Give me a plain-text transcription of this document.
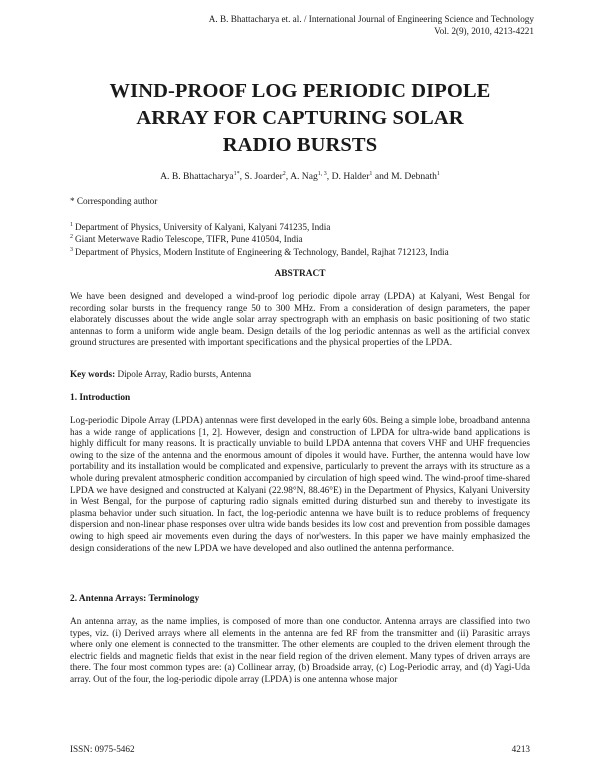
A. B. Bhattacharya et. al. / International Journal of Engineering Science and Technology
Vol. 2(9), 2010, 4213-4221
WIND-PROOF LOG PERIODIC DIPOLE
ARRAY FOR CAPTURING SOLAR
RADIO BURSTS
A. B. Bhattacharya$^{1*}$, S. Joarder$^2$, A. Nag$^{1, 3}$, D. Halder$^1$ and M. Debnath$^1$
* Corresponding author
$^1$ Department of Physics, University of Kalyani, Kalyani 741235, India
$^2$ Giant Meterwave Radio Telescope, TIFR, Pune 410504, India
$^3$ Department of Physics, Modern Institute of Engineering & Technology, Bandel, Rajhat 712123, India
ABSTRACT
We have been designed and developed a wind-proof log periodic dipole array (LPDA) at Kalyani, West Bengal for recording solar bursts in the frequency range 50 to 300 MHz. From a consideration of design parameters, the paper elaborately discusses about the wide angle solar array spectrograph with an emphasis on basic positioning of two static antennas to form a uniform wide angle beam. Design details of the log periodic antennas as well as the artificial convex ground structures are presented with important specifications and the physical properties of the LPDA.
Key words: Dipole Array, Radio bursts, Antenna
1. Introduction
Log-periodic Dipole Array (LPDA) antennas were first developed in the early 60s. Being a simple lobe, broadband antenna has a wide range of applications [1, 2]. However, design and construction of LPDA for ultra-wide band applications is highly difficult for many reasons. It is practically unviable to build LPDA antenna that covers VHF and UHF frequencies owing to the size of the antenna and the enormous amount of dipoles it would have. Further, the antenna would have low portability and its installation would be complicated and expensive, particularly to prevent the arrays with its structure as a whole during prevalent atmospheric condition accompanied by circulation of high speed wind. The wind-proof time-shared LPDA we have designed and constructed at Kalyani (22.98°N, 88.46°E) in the Department of Physics, Kalyani University in West Bengal, for the purpose of capturing radio signals emitted during disturbed sun and thereby to investigate its plasma behavior under such situation. In fact, the log-periodic antenna we have built is to reduce problems of frequency dispersion and non-linear phase responses over ultra wide bands besides its low cost and prevention from possible damages owing to high speed air movements even during the days of nor'westers. In this paper we have mainly emphasized the design considerations of the new LPDA we have developed and also outlined the antenna performance.
2. Antenna Arrays: Terminology
An antenna array, as the name implies, is composed of more than one conductor. Antenna arrays are classified into two types, viz. (i) Derived arrays where all elements in the antenna are fed RF from the transmitter and (ii) Parasitic arrays where only one element is connected to the transmitter. The other elements are coupled to the driven element through the electric fields and magnetic fields that exist in the near field region of the driven element. Many types of driven arrays are there. The four most common types are: (a) Collinear array, (b) Broadside array, (c) Log-Periodic array, and (d) Yagi-Uda array. Out of the four, the log-periodic dipole array (LPDA) is one antenna whose major
ISSN: 0975-5462	4213
